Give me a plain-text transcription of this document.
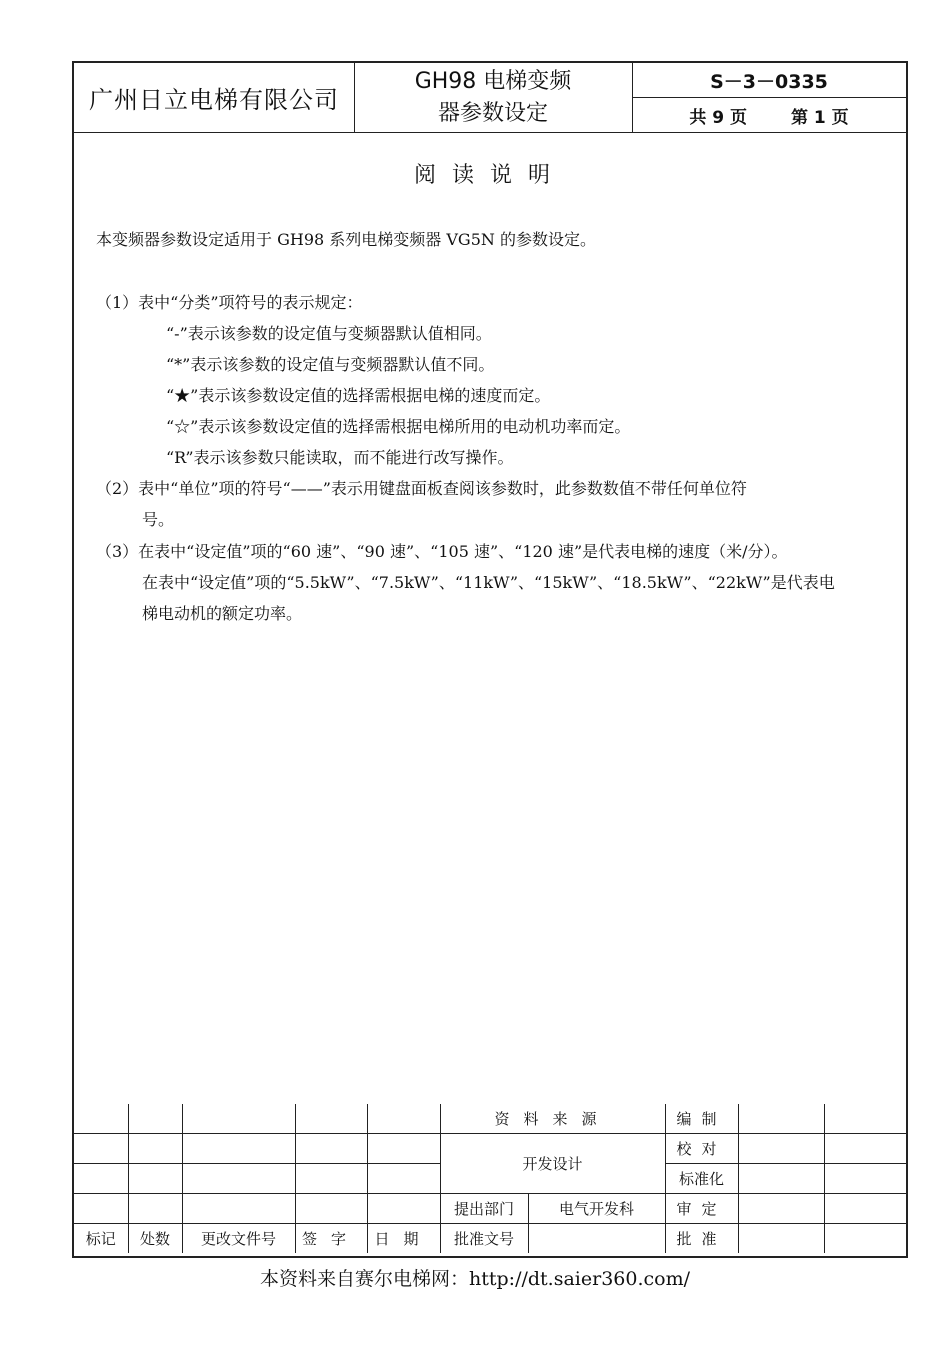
广州日立电梯有限公司
GH98 电梯变频
器参数设定
S－3－0335
共 9 页	第 1 页
阅读说明
本变频器参数设定适用于 GH98 系列电梯变频器 VG5N 的参数设定。
（1）表中“分类”项符号的表示规定：
“-”表示该参数的设定值与变频器默认值相同。
“*”表示该参数的设定值与变频器默认值不同。
“★”表示该参数设定值的选择需根据电梯的速度而定。
“☆”表示该参数设定值的选择需根据电梯所用的电动机功率而定。
“R”表示该参数只能读取，而不能进行改写操作。
（2）表中“单位”项的符号“——”表示用键盘面板查阅该参数时，此参数数值不带任何单位符
号。
（3）在表中“设定值”项的“60 速”、“90 速”、“105 速”、“120 速”是代表电梯的速度（米/分）。
在表中“设定值”项的“5.5kW”、“7.5kW”、“11kW”、“15kW”、“18.5kW”、“22kW”是代表电
梯电动机的额定功率。
					资料来源		编制		
					开发设计		校对		
							标准化		
					提出部门	电气开发科	审定		
标记	处数	更改文件号	签字	日期	批准文号		批准		
本资料来自赛尔电梯网：http://dt.saier360.com/
